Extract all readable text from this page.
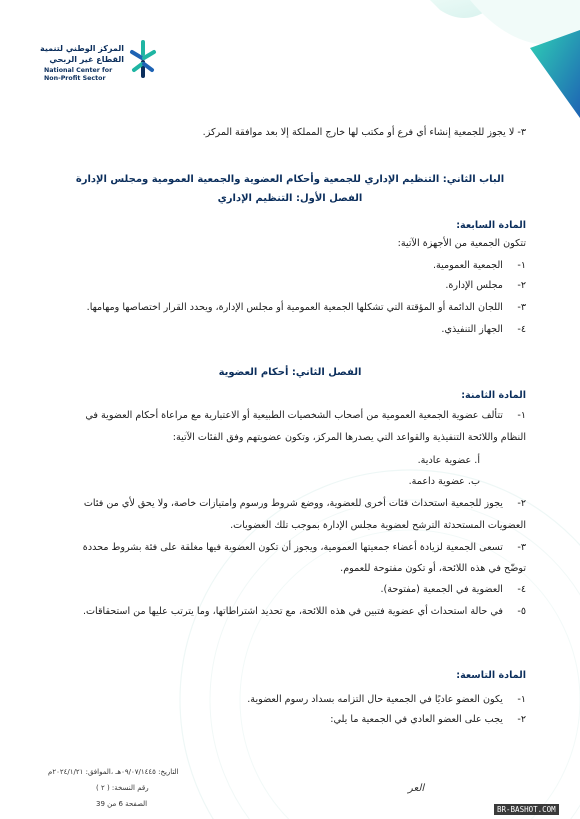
المركز الوطني لتنمية
القطاع غير الربحي
National Center for
Non-Profit Sector
٣- لا يجوز للجمعية إنشاء أي فرع أو مكتب لها خارج المملكة إلا بعد موافقة المركز.
الباب الثاني: التنظيم الإداري للجمعية وأحكام العضوية والجمعية العمومية ومجلس الإدارة
الفصل الأول: التنظيم الإداري
المادة السابعة:
تتكون الجمعية من الأجهزة الآتية:
١- الجمعية العمومية.
٢- مجلس الإدارة.
٣- اللجان الدائمة أو المؤقتة التي تشكلها الجمعية العمومية أو مجلس الإدارة، ويحدد القرار اختصاصها ومهامها.
٤- الجهاز التنفيذي.
الفصل الثاني: أحكام العضوية
المادة الثامنة:
١- تتألف عضوية الجمعية العمومية من أصحاب الشخصيات الطبيعية أو الاعتبارية مع مراعاة أحكام العضوية في
النظام واللائحة التنفيذية والقواعد التي يصدرها المركز، وتكون عضويتهم وفق الفئات الآتية:
أ. عضوية عادية.
ب. عضوية داعمة.
٢- يجوز للجمعية استحداث فئات أخرى للعضوية، ووضع شروط ورسوم وامتيازات خاصة، ولا يحق لأي من فئات
العضويات المستحدثة الترشح لعضوية مجلس الإدارة بموجب تلك العضويات.
٣- تسعى الجمعية لزيادة أعضاء جمعيتها العمومية، ويجوز أن تكون العضوية فيها مغلقة على فئة بشروط محددة
توضّح في هذه اللائحة، أو تكون مفتوحة للعموم.
٤- العضوية في الجمعية (مفتوحة).
٥- في حالة استحداث أي عضوية فتبين في هذه اللائحة، مع تحديد اشتراطاتها، وما يترتب عليها من استحقاقات.
المادة التاسعة:
١- يكون العضو عاديًا في الجمعية حال التزامه بسداد رسوم العضوية.
٢- يجب على العضو العادي في الجمعية ما يلي:
التاريخ: ٠٩/٠٧/١٤٤٥هـ ،الموافق: ٢٠٢٤/١/٢١م
رقم النسخة: ( ٢ )
الصفحة 6 من 39
العر
BR-BASHOT.COM
